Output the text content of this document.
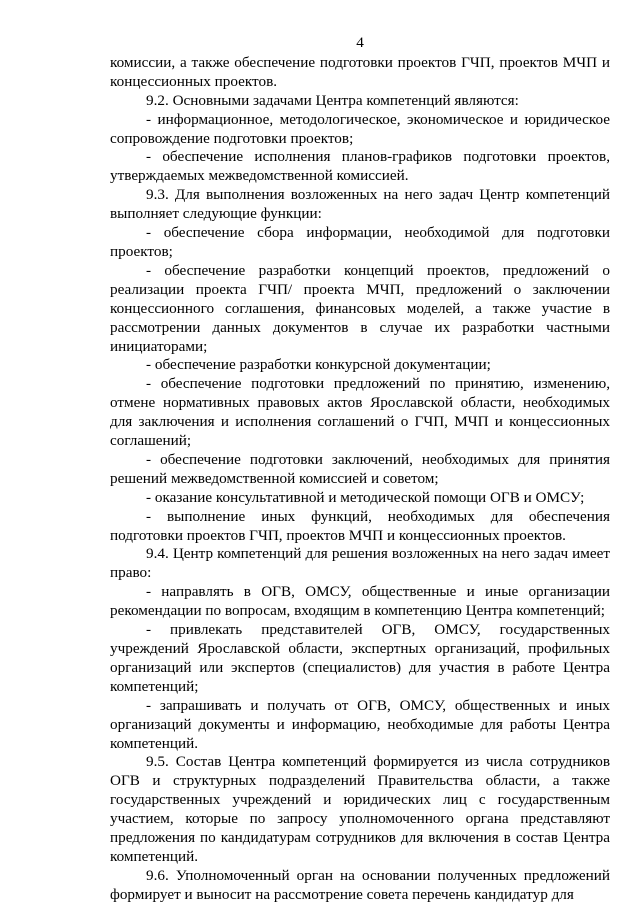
4

комиссии, а также обеспечение подготовки проектов ГЧП, проектов МЧП и концессионных проектов.

9.2. Основными задачами Центра компетенций являются:

- информационное, методологическое, экономическое и юридическое сопровождение подготовки проектов;

- обеспечение исполнения планов-графиков подготовки проектов, утверждаемых межведомственной комиссией.

9.3. Для выполнения возложенных на него задач Центр компетенций выполняет следующие функции:

- обеспечение сбора информации, необходимой для подготовки проектов;

- обеспечение разработки концепций проектов, предложений о реализации проекта ГЧП/ проекта МЧП, предложений о заключении концессионного соглашения, финансовых моделей, а также участие в рассмотрении данных документов в случае их разработки частными инициаторами;

- обеспечение разработки конкурсной документации;

- обеспечение подготовки предложений по принятию, изменению, отмене нормативных правовых актов Ярославской области, необходимых для заключения и исполнения соглашений о ГЧП, МЧП и концессионных соглашений;

- обеспечение подготовки заключений, необходимых для принятия решений межведомственной комиссией и советом;

- оказание консультативной и методической помощи ОГВ и ОМСУ;

- выполнение иных функций, необходимых для обеспечения подготовки проектов ГЧП, проектов МЧП и концессионных проектов.

9.4. Центр компетенций для решения возложенных на него задач имеет право:

- направлять в ОГВ, ОМСУ, общественные и иные организации рекомендации по вопросам, входящим в компетенцию Центра компетенций;

- привлекать представителей ОГВ, ОМСУ, государственных учреждений Ярославской области, экспертных организаций, профильных организаций или экспертов (специалистов) для участия в работе Центра компетенций;

- запрашивать и получать от ОГВ, ОМСУ, общественных и иных организаций документы и информацию, необходимые для работы Центра компетенций.

9.5. Состав Центра компетенций формируется из числа сотрудников ОГВ и структурных подразделений Правительства области, а также государственных учреждений и юридических лиц с государственным участием, которые по запросу уполномоченного органа представляют предложения по кандидатурам сотрудников для включения в состав Центра компетенций.

9.6. Уполномоченный орган на основании полученных предложений формирует и выносит на рассмотрение совета перечень кандидатур для
